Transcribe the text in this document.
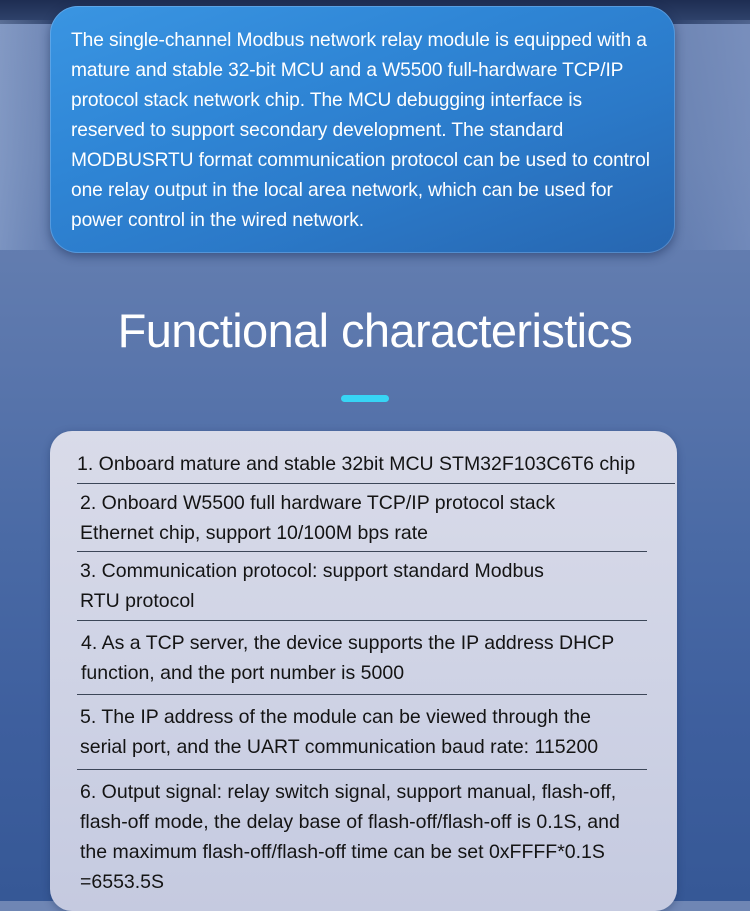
The single-channel Modbus network relay module is equipped with a mature and stable 32-bit MCU and a W5500 full-hardware TCP/IP protocol stack network chip. The MCU debugging interface is reserved to support secondary development. The standard MODBUSRTU format communication protocol can be used to control one relay output in the local area network, which can be used for power control in the wired network.

Functional characteristics
1. Onboard mature and stable 32bit MCU STM32F103C6T6 chip
2. Onboard W5500 full hardware TCP/IP protocol stack
Ethernet chip, support 10/100M bps rate
3. Communication protocol: support standard Modbus
RTU protocol
4. As a TCP server, the device supports the IP address DHCP
function, and the port number is 5000
5. The IP address of the module can be viewed through the
serial port, and the UART communication baud rate: 115200
6. Output signal: relay switch signal, support manual, flash-off,
flash-off mode, the delay base of flash-off/flash-off is 0.1S, and
the maximum flash-off/flash-off time can be set 0xFFFF*0.1S
=6553.5S
